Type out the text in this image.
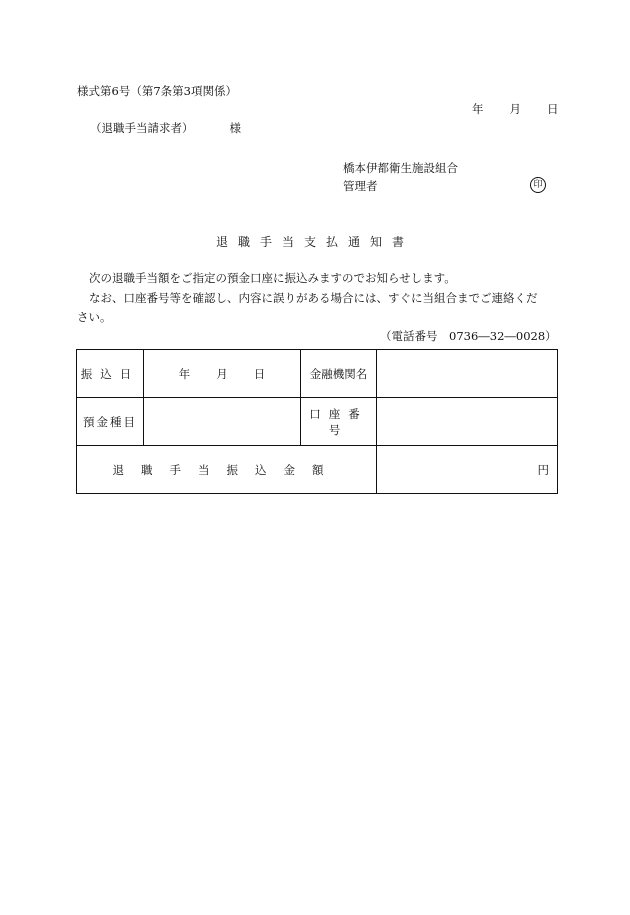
様式第6号（第7条第3項関係）
年 月 日
（退職手当請求者）	様
橋本伊都衛生施設組合
管理者	印
退職手当支払通知書
次の退職手当額をご指定の預金口座に振込みますのでお知らせします。
なお、口座番号等を確認し、内容に誤りがある場合には、すぐに当組合までご連絡くだ
さい。
（電話番号　0736―32―0028）
振込日	年 月 日	金融機関名	
預金種目		口座番号	
退職手当振込金額			円
